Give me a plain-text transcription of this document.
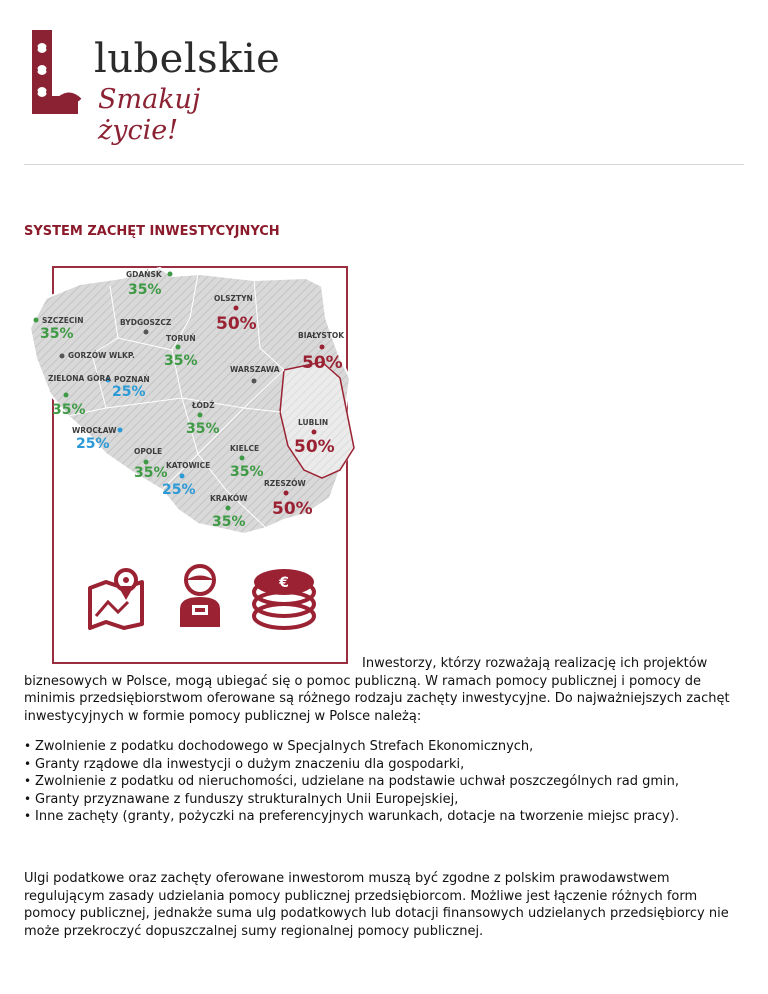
lubelskie
Smakuj życie!
SYSTEM ZACHĘT INWESTYCYJNYCH
GDAŃSK
35%
OLSZTYN
50%
SZCZECIN
35%
BYDGOSZCZ
TORUŃ
35%
BIAŁYSTOK
50%
GORZÓW WLKP.
POZNAŃ
25%
WARSZAWA
ZIELONA GÓRA
35%	ŁÓDŹ
35%	LUBLIN
50%
WROCŁAW
25%	OPOLE
35%
KIELCE
35%
KATOWICE
25%	RZESZÓW
50%
KRAKÓW
35%
€

Inwestorzy, którzy rozważają realizację ich projektów biznesowych w Polsce, mogą ubiegać się o pomoc publiczną. W ramach pomocy publicznej i pomocy de minimis przedsiębiorstwom oferowane są różnego rodzaju zachęty inwestycyjne. Do najważniejszych zachęt inwestycyjnych w formie pomocy publicznej w Polsce należą:

• Zwolnienie z podatku dochodowego w Specjalnych Strefach Ekonomicznych,
• Granty rządowe dla inwestycji o dużym znaczeniu dla gospodarki,
• Zwolnienie z podatku od nieruchomości, udzielane na podstawie uchwał poszczególnych rad gmin,
• Granty przyznawane z funduszy strukturalnych Unii Europejskiej,
• Inne zachęty (granty, pożyczki na preferencyjnych warunkach, dotacje na tworzenie miejsc pracy).

Ulgi podatkowe oraz zachęty oferowane inwestorom muszą być zgodne z polskim prawodawstwem regulującym zasady udzielania pomocy publicznej przedsiębiorcom. Możliwe jest łączenie różnych form pomocy publicznej, jednakże suma ulg podatkowych lub dotacji finansowych udzielanych przedsiębiorcy nie może przekroczyć dopuszczalnej sumy regionalnej pomocy publicznej.
